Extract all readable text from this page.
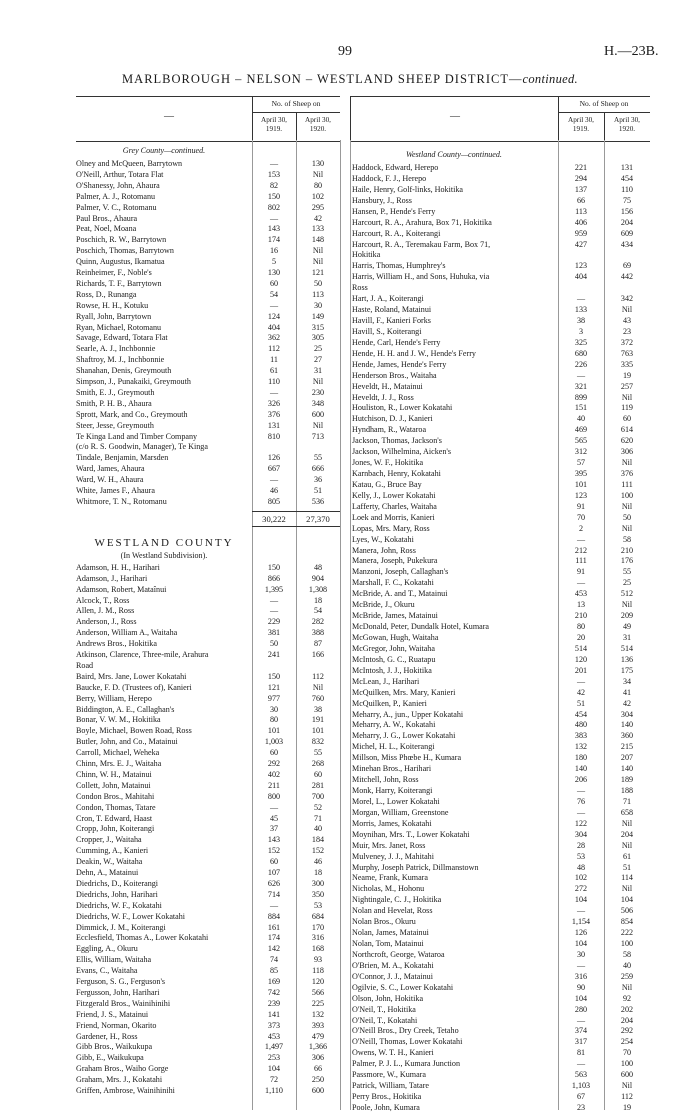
99	H.—23B.
MARLBOROUGH – NELSON – WESTLAND SHEEP DISTRICT—continued.
—
No. of Sheep on
April 30,
1919.
April 30,
1920.
—
No. of Sheep on
April 30,
1919.
April 30,
1920.
Grey County—continued.
Olney and McQueen, Barrytown	—	130
O'Neill, Arthur, Totara Flat	153	Nil
O'Shanessy, John, Ahaura	82	80
Palmer, A. J., Rotomanu	150	102
Palmer, V. C., Rotomanu	802	295
Paul Bros., Ahaura	—	42
Peat, Noel, Moana	143	133
Poschich, R. W., Barrytown	174	148
Poschich, Thomas, Barrytown	16	Nil
Quinn, Augustus, Ikamatua	5	Nil
Reinheimer, F., Noble's	130	121
Richards, T. F., Barrytown	60	50
Ross, D., Runanga	54	113
Rowse, H. H., Kotuku	—	30
Ryall, John, Barrytown	124	149
Ryan, Michael, Rotomanu	404	315
Savage, Edward, Totara Flat	362	305
Searle, A. J., Inchbonnie	112	25
Shaftroy, M. J., Inchbonnie	11	27
Shanahan, Denis, Greymouth	61	31
Simpson, J., Punakaiki, Greymouth	110	Nil
Smith, E. J., Greymouth	—	230
Smith, P. H. B., Ahaura	326	348
Sprott, Mark, and Co., Greymouth	376	600
Steer, Jesse, Greymouth	131	Nil
Te Kinga Land and Timber Company	810	713
(c/o R. S. Goodwin, Manager), Te Kinga
Tindale, Benjamin, Marsden	126	55
Ward, James, Ahaura	667	666
Ward, W. H., Ahaura	—	36
White, James F., Ahaura	46	51
Whitmore, T. N., Rotomanu	805	536
30,222	27,370
WESTLAND COUNTY
(In Westland Subdivision).
Adamson, H. H., Harihari	150	48
Adamson, J., Harihari	866	904
Adamson, Robert, Mataînui	1,395	1,308
Alcock, T., Ross	—	18
Allen, J. M., Ross	—	54
Anderson, J., Ross	229	282
Anderson, William A., Waitaha	381	388
Andrews Bros., Hokitika	50	87
Atkinson, Clarence, Three-mile, Arahura	241	166
Road
Baird, Mrs. Jane, Lower Kokatahi	150	112
Baucke, F. D. (Trustees of), Kanieri	121	Nil
Berry, William, Herepo	977	760
Biddington, A. E., Callaghan's	30	38
Bonar, V. W. M., Hokitika	80	191
Boyle, Michael, Bowen Road, Ross	101	101
Butler, John, and Co., Matainui	1,003	832
Carroll, Michael, Weheka	60	55
Chinn, Mrs. E. J., Waitaha	292	268
Chinn, W. H., Matainui	402	60
Collett, John, Matainui	211	281
Condon Bros., Mahitahi	800	700
Condon, Thomas, Tatare	—	52
Cron, T. Edward, Haast	45	71
Cropp, John, Koiterangi	37	40
Cropper, J., Waitaha	143	184
Cumming, A., Kanieri	152	152
Deakin, W., Waitaha	60	46
Dehn, A., Matainui	107	18
Diedrichs, D., Koiterangi	626	300
Diedrichs, John, Harihari	714	350
Diedrichs, W. F., Kokatahi	—	53
Diedrichs, W. F., Lower Kokatahi	884	684
Dimmick, J. M., Koiterangi	161	170
Ecclesfield, Thomas A., Lower Kokatahi	174	316
Eggling, A., Okuru	142	168
Ellis, William, Waitaha	74	93
Evans, C., Waitaha	85	118
Ferguson, S. G., Ferguson's	169	120
Fergusson, John, Harihari	742	566
Fitzgerald Bros., Wainihinihi	239	225
Friend, J. S., Matainui	141	132
Friend, Norman, Okarito	373	393
Gardener, H., Ross	453	479
Gibb Bros., Waikukupa	1,497	1,366
Gibb, E., Waikukupa	253	306
Graham Bros., Waiho Gorge	104	66
Graham, Mrs. J., Kokatahi	72	250
Griffen, Ambrose, Wainihinihi	1,110	600
Westland County—continued.
Haddock, Edward, Herepo	221	131
Haddock, F. J., Herepo	294	454
Haile, Henry, Golf-links, Hokitika	137	110
Hansbury, J., Ross	66	75
Hansen, P., Hende's Ferry	113	156
Harcourt, R. A., Arahura, Box 71, Hokitika	406	204
Harcourt, R. A., Koiterangi	959	609
Harcourt, R. A., Teremakau Farm, Box 71,	427	434
Hokitika
Harris, Thomas, Humphrey's	123	69
Harris, William H., and Sons, Huhuka, via	404	442
Ross
Hart, J. A., Koiterangi	—	342
Haste, Roland, Matainui	133	Nil
Havill, F., Kanieri Forks	38	43
Havill, S., Koiterangi	3	23
Hende, Carl, Hende's Ferry	325	372
Hende, H. H. and J. W., Hende's Ferry	680	763
Hende, James, Hende's Ferry	226	335
Henderson Bros., Waitaha	—	19
Heveldt, H., Matainui	321	257
Heveldt, J. J., Ross	899	Nil
Houliston, R., Lower Kokatahi	151	119
Hutchison, D. J., Kanieri	40	60
Hyndham, R., Wataroa	469	614
Jackson, Thomas, Jackson's	565	620
Jackson, Wilhelmina, Aicken's	312	306
Jones, W. F., Hokitika	57	Nil
Karnbach, Henry, Kokatahi	395	376
Katau, G., Bruce Bay	101	111
Kelly, J., Lower Kokatahi	123	100
Lafferty, Charles, Waitaha	91	Nil
Loek and Morris, Kanieri	70	50
Lopas, Mrs. Mary, Ross	2	Nil
Lyes, W., Kokatahi	—	58
Manera, John, Ross	212	210
Manera, Joseph, Pukekura	111	176
Manzoni, Joseph, Callaghan's	91	55
Marshall, F. C., Kokatahi	—	25
McBride, A. and T., Matainui	453	512
McBride, J., Okuru	13	Nil
McBride, James, Matainui	210	209
McDonald, Peter, Dundalk Hotel, Kumara	80	49
McGowan, Hugh, Waitaha	20	31
McGregor, John, Waitaha	514	514
McIntosh, G. C., Ruatapu	120	136
McIntosh, J. J., Hokitika	201	175
McLean, J., Harihari	—	34
McQuilken, Mrs. Mary, Kanieri	42	41
McQuilken, P., Kanieri	51	42
Meharry, A., jun., Upper Kokatahi	454	304
Meharry, A. W., Kokatahi	480	140
Meharry, J. G., Lower Kokatahi	383	360
Michel, H. L., Koiterangi	132	215
Millson, Miss Phœbe H., Kumara	180	207
Minehan Bros., Harihari	140	140
Mitchell, John, Ross	206	189
Monk, Harry, Koiterangi	—	188
Morel, L., Lower Kokatahi	76	71
Morgan, William, Greenstone	—	658
Morris, James, Kokatahi	122	Nil
Moynihan, Mrs. T., Lower Kokatahi	304	204
Muir, Mrs. Janet, Ross	28	Nil
Mulveney, J. J., Mahitahi	53	61
Murphy, Joseph Patrick, Dillmanstown	48	51
Neame, Frank, Kumara	102	114
Nicholas, M., Hohonu	272	Nil
Nightingale, C. J., Hokitika	104	104
Nolan and Hevelat, Ross	—	506
Nolan Bros., Okuru	1,154	854
Nolan, James, Matainui	126	222
Nolan, Tom, Matainui	104	100
Northcroft, George, Wataroa	30	58
O'Brien, M. A., Kokatahi	—	40
O'Connor, J. J., Matainui	316	259
Ogilvie, S. C., Lower Kokatahi	90	Nil
Olson, John, Hokitika	104	92
O'Neil, T., Hokitika	280	202
O'Neil, T., Kokatahi	—	204
O'Neill Bros., Dry Creek, Tetaho	374	292
O'Neill, Thomas, Lower Kokatahi	317	254
Owens, W. T. H., Kanieri	81	70
Palmer, P. J. L., Kumara Junction	—	100
Passmore, W., Kumara	563	600
Patrick, William, Tatare	1,103	Nil
Perry Bros., Hokitika	67	112
Poole, John, Kumara	23	19
